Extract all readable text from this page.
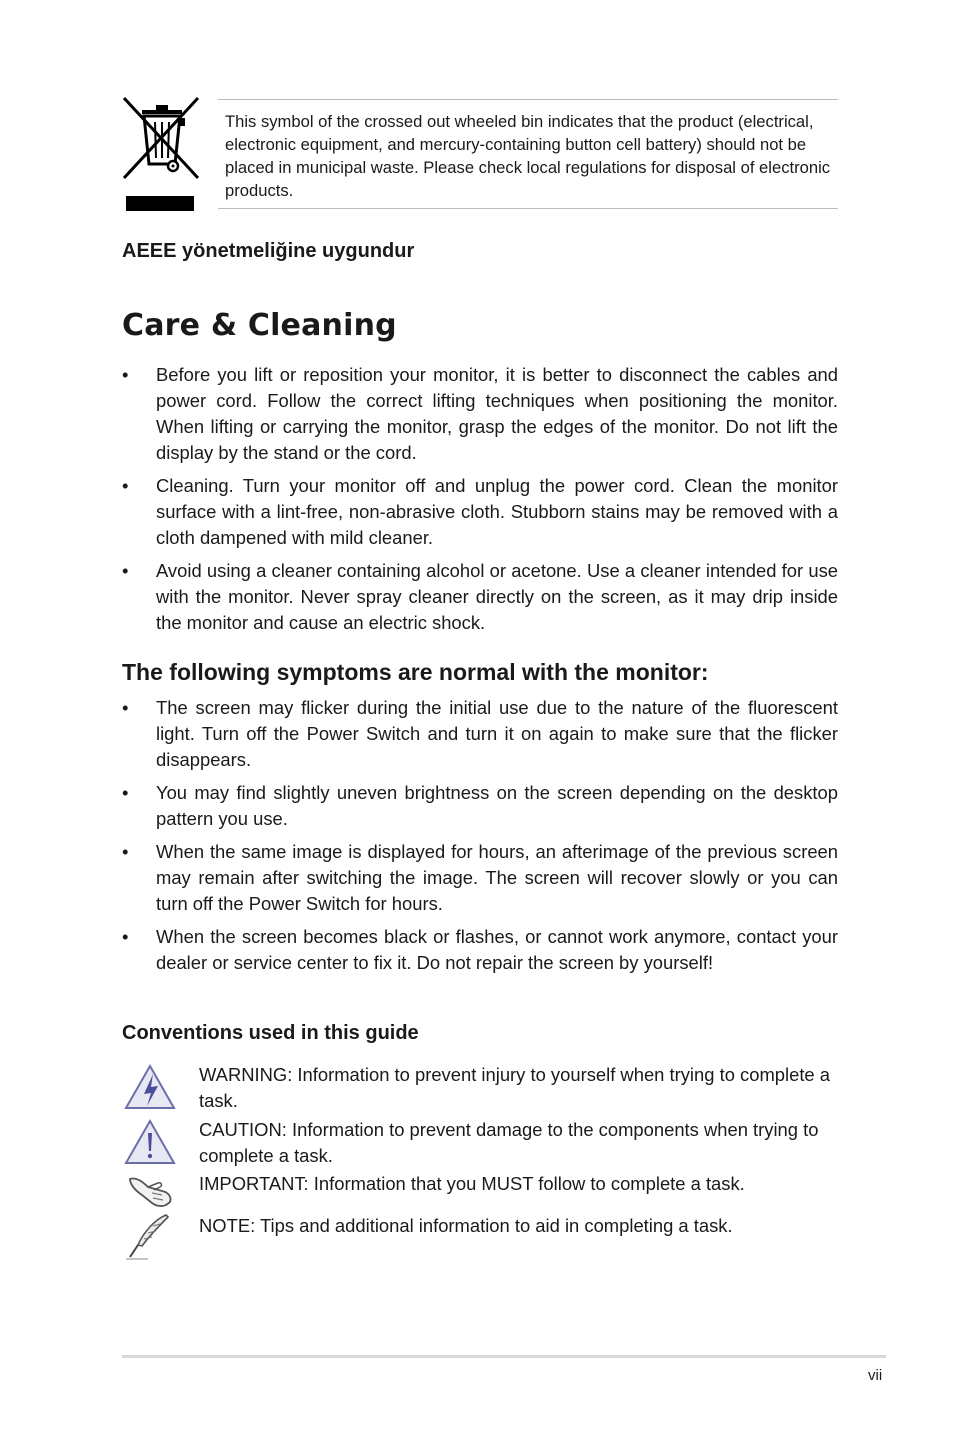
This symbol of the crossed out wheeled bin indicates that the product (electrical, electronic equipment, and mercury-containing button cell battery) should not be placed in municipal waste. Please check local regulations for disposal of electronic products.
AEEE yönetmeliğine uygundur
Care & Cleaning
• Before you lift or reposition your monitor, it is better to disconnect the cables and power cord. Follow the correct lifting techniques when positioning the monitor. When lifting or carrying the monitor, grasp the edges of the monitor. Do not lift the display by the stand or the cord.
• Cleaning. Turn your monitor off and unplug the power cord. Clean the monitor surface with a lint-free, non-abrasive cloth. Stubborn stains may be removed with a cloth dampened with mild cleaner.
• Avoid using a cleaner containing alcohol or acetone. Use a cleaner intended for use with the monitor. Never spray cleaner directly on the screen, as it may drip inside the monitor and cause an electric shock.
The following symptoms are normal with the monitor:
• The screen may flicker during the initial use due to the nature of the fluorescent light. Turn off the Power Switch and turn it on again to make sure that the flicker disappears.
• You may find slightly uneven brightness on the screen depending on the desktop pattern you use.
• When the same image is displayed for hours, an afterimage of the previous screen may remain after switching the image. The screen will recover slowly or you can turn off the Power Switch for hours.
• When the screen becomes black or flashes, or cannot work anymore, contact your dealer or service center to fix it. Do not repair the screen by yourself!
Conventions used in this guide
WARNING: Information to prevent injury to yourself when trying to complete a task.
CAUTION: Information to prevent damage to the components when trying to complete a task.
IMPORTANT: Information that you MUST follow to complete a task.
NOTE: Tips and additional information to aid in completing a task.
vii
